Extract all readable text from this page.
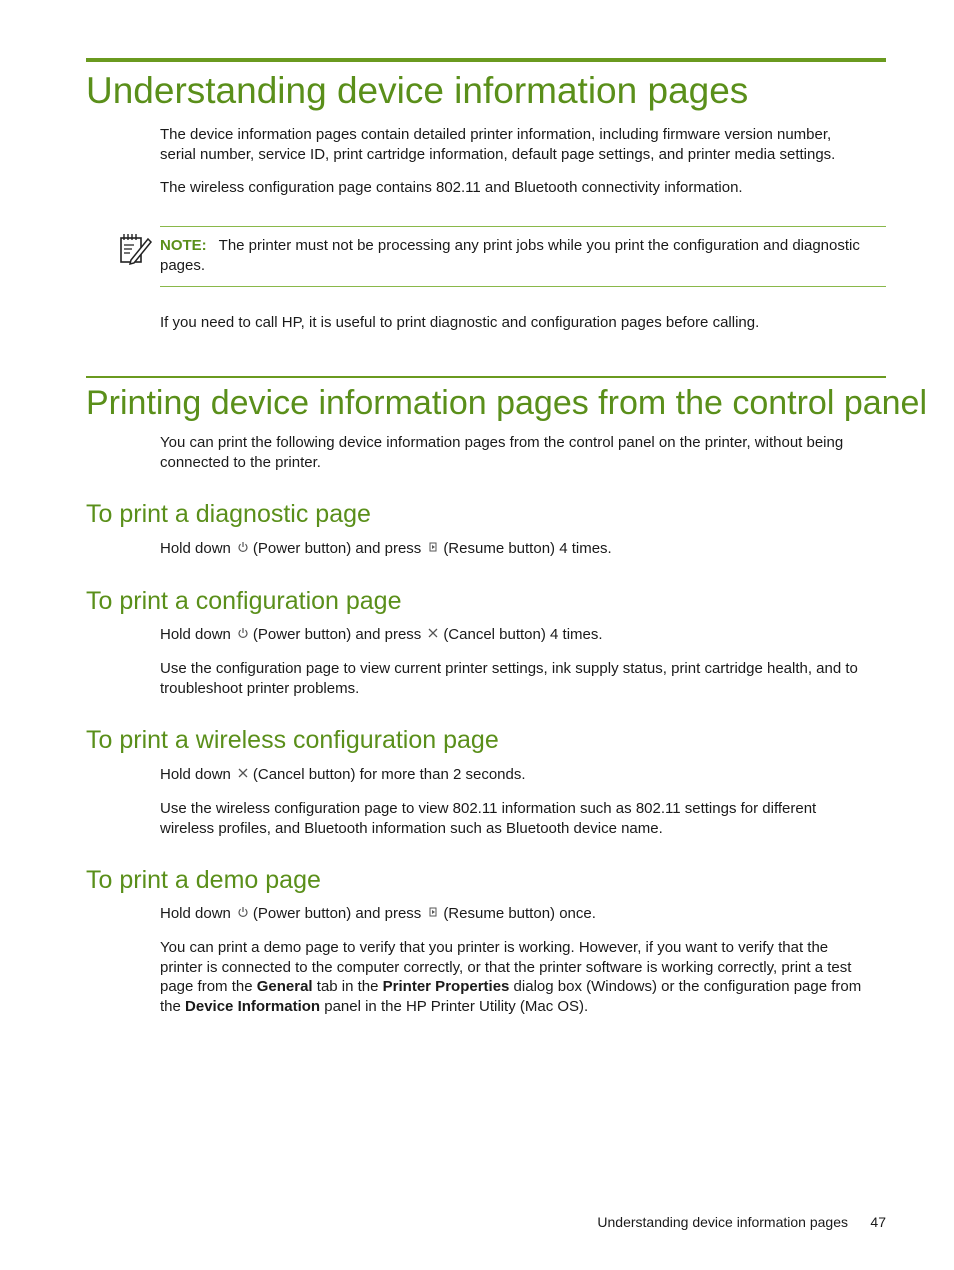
Understanding device information pages

The device information pages contain detailed printer information, including firmware version number,
serial number, service ID, print cartridge information, default page settings, and printer media settings.

The wireless configuration page contains 802.11 and Bluetooth connectivity information.

NOTE: The printer must not be processing any print jobs while you print the configuration and diagnostic
pages.

If you need to call HP, it is useful to print diagnostic and configuration pages before calling.

Printing device information pages from the control panel

You can print the following device information pages from the control panel on the printer, without being
connected to the printer.

To print a diagnostic page

Hold down (Power button) and press (Resume button) 4 times.

To print a configuration page

Hold down (Power button) and press (Cancel button) 4 times.

Use the configuration page to view current printer settings, ink supply status, print cartridge health, and to
troubleshoot printer problems.

To print a wireless configuration page

Hold down (Cancel button) for more than 2 seconds.

Use the wireless configuration page to view 802.11 information such as 802.11 settings for different
wireless profiles, and Bluetooth information such as Bluetooth device name.

To print a demo page

Hold down (Power button) and press (Resume button) once.

You can print a demo page to verify that you printer is working. However, if you want to verify that the
printer is connected to the computer correctly, or that the printer software is working correctly, print a test
page from the General tab in the Printer Properties dialog box (Windows) or the configuration page from
the Device Information panel in the HP Printer Utility (Mac OS).

Understanding device information pages	47
